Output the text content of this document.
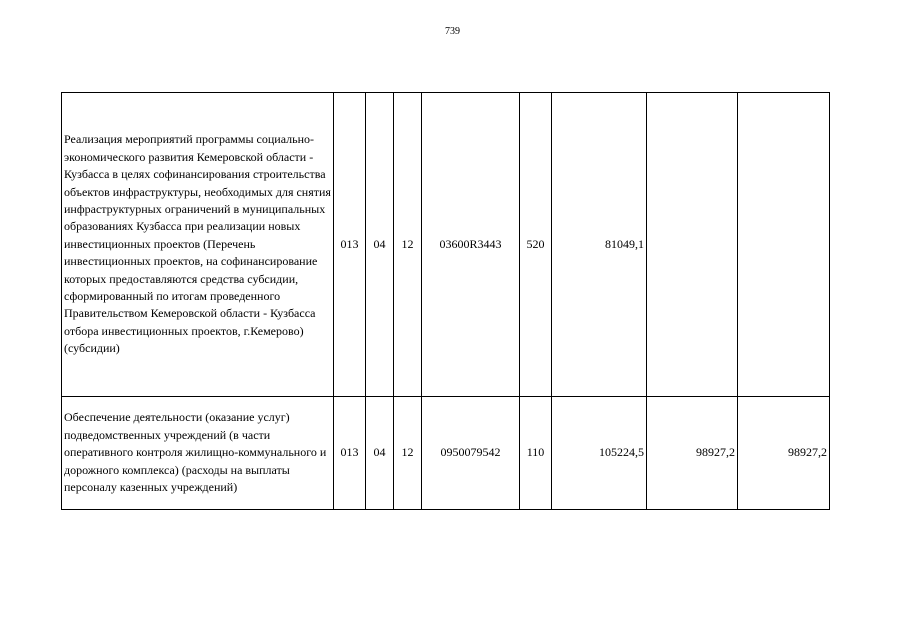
739
Реализация мероприятий программы социально-экономического развития Кемеровской области - Кузбасса в целях софинансирования строительства объектов инфраструктуры, необходимых для снятия инфраструктурных ограничений в муниципальных образованиях Кузбасса при реализации новых инвестиционных проектов (Перечень инвестиционных проектов, на софинансирование которых предоставляются средства субсидии, сформированный по итогам проведенного Правительством Кемеровской области - Кузбасса отбора инвестиционных проектов, г.Кемерово) (субсидии)	013	04	12	03600R3443	520	81049,1		
Обеспечение деятельности (оказание услуг) подведомственных учреждений (в части оперативного контроля жилищно-коммунального и дорожного комплекса) (расходы на выплаты персоналу казенных учреждений)	013	04	12	0950079542	110	105224,5	98927,2	98927,2
